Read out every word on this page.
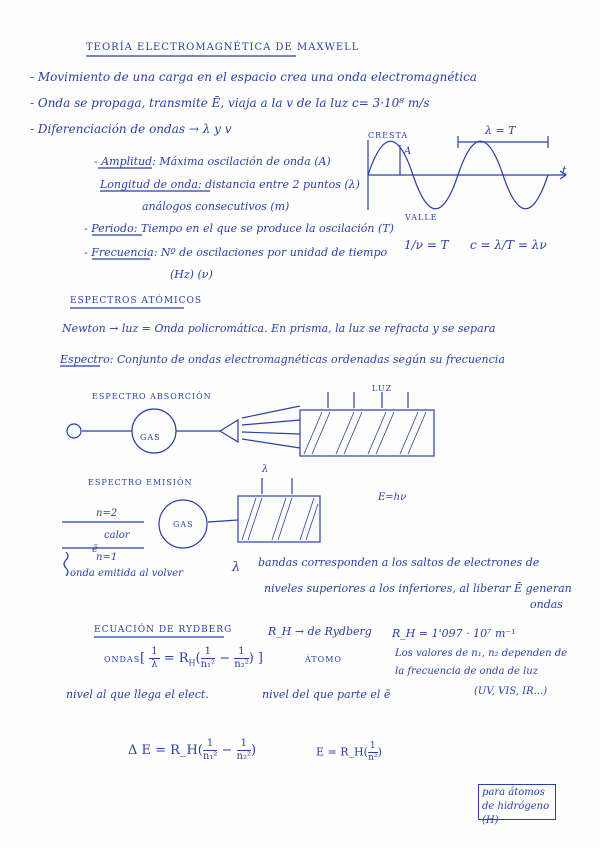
TEORÍA ELECTROMAGNÉTICA DE MAXWELL
- Movimiento de una carga en el espacio crea una onda electromagnética
- Onda se propaga, transmite Ē, viaja a la v de la luz c= 3·10⁸ m/s
- Diferenciación de ondas → λ y v
- Amplitud: Máxima oscilación de onda (A)
Longitud de onda: distancia entre 2 puntos (λ)
análogos consecutivos (m)
- Periodo: Tiempo en el que se produce la oscilación (T)
- Frecuencia: Nº de oscilaciones por unidad de tiempo
(Hz) (ν)
CRESTA
VALLE
λ = T
A
t
1/ν = T c = λ/T = λν
ESPECTROS ATÓMICOS
Newton → luz = Onda policromática. En prisma, la luz se refracta y se separa
Espectro: Conjunto de ondas electromagnéticas ordenadas según su frecuencia
ESPECTRO ABSORCIÓN
GAS
LUZ
ESPECTRO EMISIÓN
GAS
λ
E=hν
n=2
calor
ē
n=1
onda emitida al volver	λ bandas corresponden a los saltos de electrones de
niveles superiores a los inferiores, al liberar Ē generan
ondas
ECUACIÓN DE RYDBERG	R_H → de Rydberg R_H = 1'097 · 10⁷ m⁻¹
ONDAS [ $\frac{1}{\lambda} = R_H( \frac{1}{\text{n₁²}} - \frac{1}{\text{n₂²}}$ ) ]	ÁTOMO
Los valores de n₁, n₂ dependen de
la frecuencia de onda de luz
(UV, VIS, IR...)
nivel al que llega el elect.	nivel del que parte el ē
Δ E = R_H( $\frac{1}{\text{n₁²}} - \frac{1}{\text{n₂²}}$ )	E = R_H( $\frac{1}{\text{n²}}$ )
para átomos de hidrógeno (H)
